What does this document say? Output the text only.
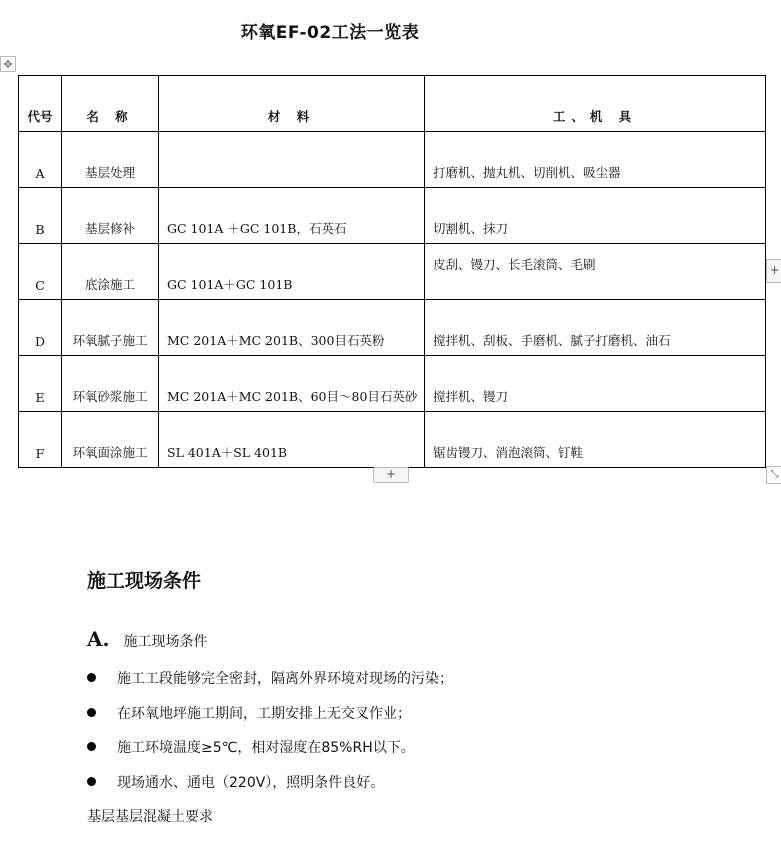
环氧EF-02工法一览表
✥
代号	名 称	材 料	工、机 具
A	基层处理		打磨机、抛丸机、切削机、吸尘器
B	基层修补	GC 101A ＋GC 101B，石英石	切割机、抹刀
C	底涂施工	GC 101A＋GC 101B	皮刮、镘刀、长毛滚筒、毛刷

D	环氧腻子施工	MC 201A＋MC 201B、300目石英粉	搅拌机、刮板、手磨机、腻子打磨机、油石
E	环氧砂浆施工	MC 201A＋MC 201B、60目～80目石英砂	搅拌机、镘刀
F	环氧面涂施工	SL 401A＋SL 401B	锯齿镘刀、消泡滚筒、钉鞋
+
+	⤡
施工现场条件
A. 施工现场条件
施工工段能够完全密封，隔离外界环境对现场的污染；
在环氧地坪施工期间，工期安排上无交叉作业；
施工环境温度≥5℃，相对湿度在85%RH以下。
现场通水、通电（220V），照明条件良好。
基层基层混凝土要求
